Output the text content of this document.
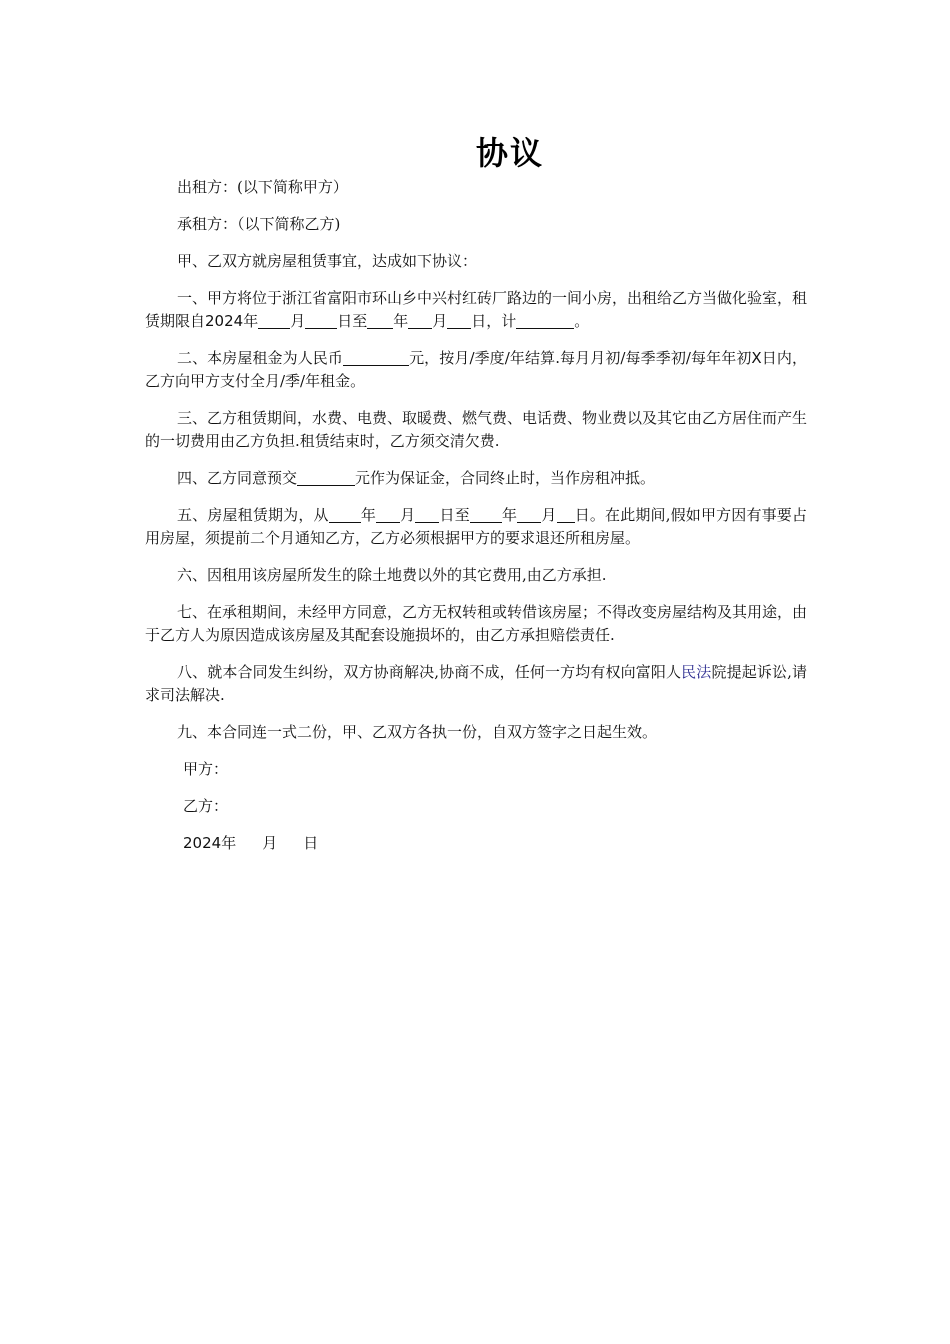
协议

出租方：(以下简称甲方）

承租方：（以下简称乙方)

甲、乙双方就房屋租赁事宜，达成如下协议：

一、甲方将位于浙江省富阳市环山乡中兴村红砖厂路边的一间小房，出租给乙方当做化验室，租赁期限自2024年 月 日至 年 月 日，计	。

二、本房屋租金为人民币	元，按月/季度/年结算.每月月初/每季季初/每年年初X日内，乙方向甲方支付全月/季/年租金。

三、乙方租赁期间，水费、电费、取暖费、燃气费、电话费、物业费以及其它由乙方居住而产生的一切费用由乙方负担.租赁结束时，乙方须交清欠费.

四、乙方同意预交	元作为保证金，合同终止时，当作房租冲抵。

五、房屋租赁期为，从 年 月 日至 年 月 日。在此期间,假如甲方因有事要占用房屋，须提前二个月通知乙方，乙方必须根据甲方的要求退还所租房屋。

六、因租用该房屋所发生的除土地费以外的其它费用,由乙方承担.

七、在承租期间，未经甲方同意，乙方无权转租或转借该房屋；不得改变房屋结构及其用途，由于乙方人为原因造成该房屋及其配套设施损坏的，由乙方承担赔偿责任.

八、就本合同发生纠纷，双方协商解决,协商不成，任何一方均有权向富阳人民法院提起诉讼,请求司法解决.

九、本合同连一式二份，甲、乙双方各执一份，自双方签字之日起生效。

甲方：

乙方：

2024年 月 日
